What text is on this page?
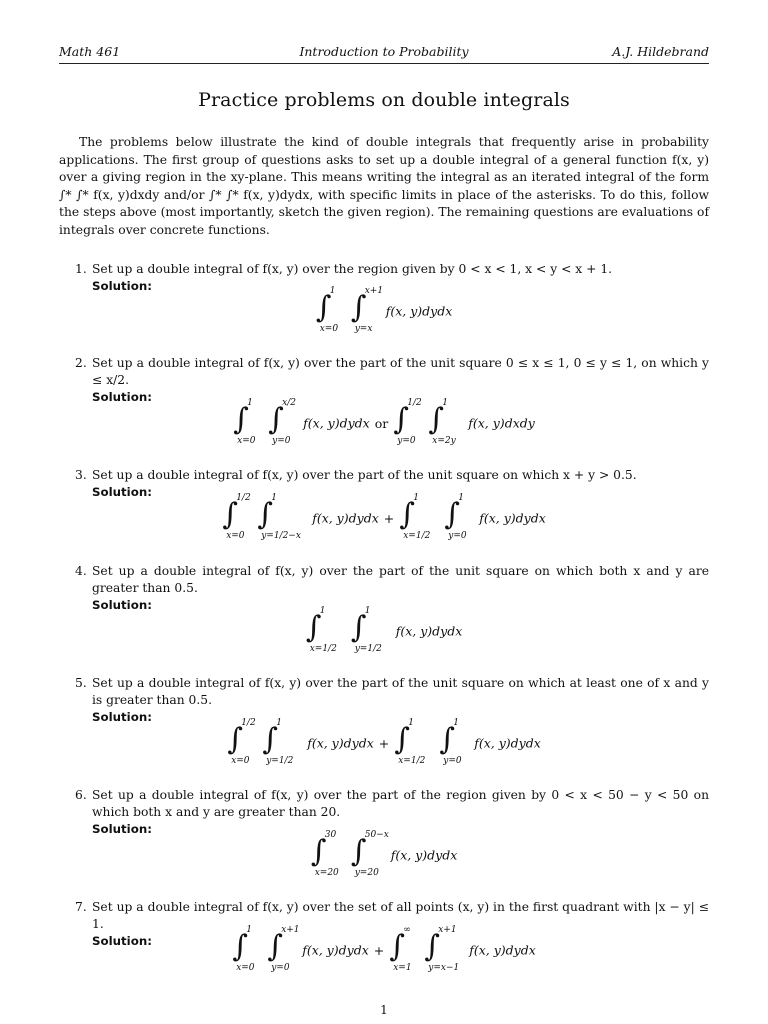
Math 461	Introduction to Probability	A.J. Hildebrand
Practice problems on double integrals
The problems below illustrate the kind of double integrals that frequently arise in probability applications. The first group of questions asks to set up a double integral of a general function f(x, y) over a giving region in the xy-plane. This means writing the integral as an iterated integral of the form ∫* ∫* f(x, y)dxdy and/or ∫* ∫* f(x, y)dydx, with specific limits in place of the asterisks. To do this, follow the steps above (most importantly, sketch the given region). The remaining questions are evaluations of integrals over concrete functions.
1. Set up a double integral of f(x, y) over the region given by 0 < x < 1, x < y < x + 1.
Solution:
∫
1
x=0
∫
x+1
y=x
f(x, y)dydx
2. Set up a double integral of f(x, y) over the part of the unit square 0 ≤ x ≤ 1, 0 ≤ y ≤ 1, on which y ≤ x/2.
Solution:
∫
1
x=0
∫
x/2
y=0
f(x, y)dydx or ∫
1/2
y=0
∫
1
x=2y
f(x, y)dxdy
3. Set up a double integral of f(x, y) over the part of the unit square on which x + y > 0.5.
Solution:
∫
1/2
x=0
∫
1
y=1/2−x
f(x, y)dydx + ∫
1
x=1/2
∫
1
y=0
f(x, y)dydx
4. Set up a double integral of f(x, y) over the part of the unit square on which both x and y are greater than 0.5.
Solution:
∫
1
x=1/2
∫
1
y=1/2
f(x, y)dydx
5. Set up a double integral of f(x, y) over the part of the unit square on which at least one of x and y is greater than 0.5.
Solution:
∫
1/2
x=0
∫
1
y=1/2
f(x, y)dydx + ∫
1
x=1/2
∫
1
y=0
f(x, y)dydx
6. Set up a double integral of f(x, y) over the part of the region given by 0 < x < 50 − y < 50 on which both x and y are greater than 20.
Solution:
∫
30
x=20
∫
50−x
y=20
f(x, y)dydx
7. Set up a double integral of f(x, y) over the set of all points (x, y) in the first quadrant with |x − y| ≤ 1.
Solution:	∫
1
x=0
∫
x+1
y=0
f(x, y)dydx + ∫
∞
x=1
∫
x+1
y=x−1
f(x, y)dydx
1
